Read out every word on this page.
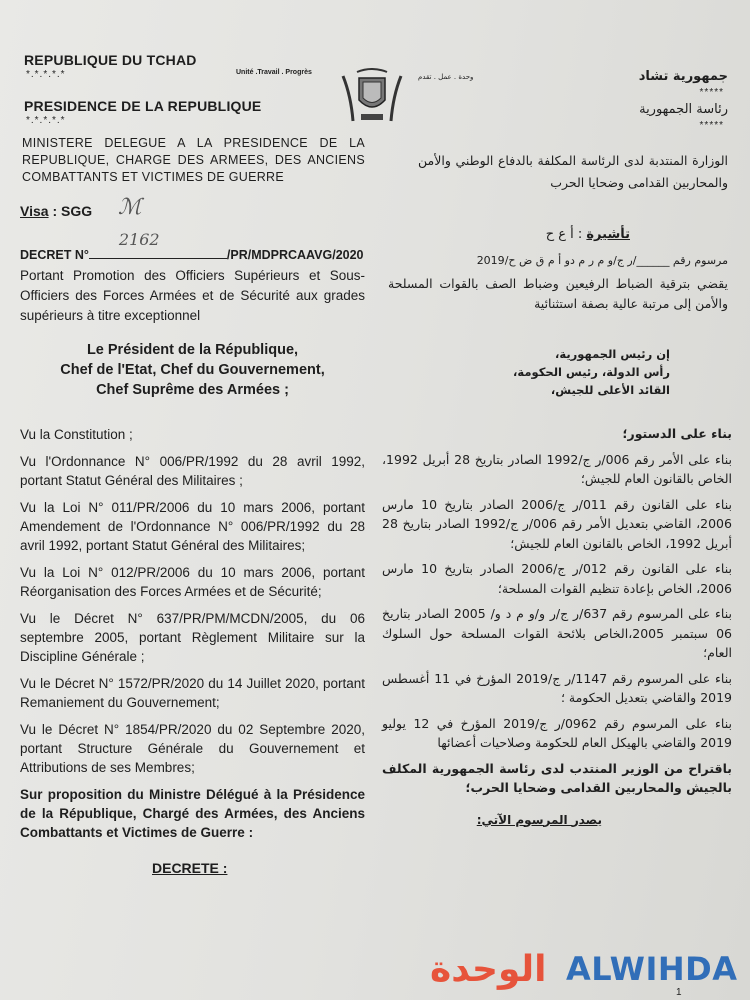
REPUBLIQUE DU TCHAD
*.*.*.*.*
PRESIDENCE DE LA REPUBLIQUE
*.*.*.*.*
MINISTERE DELEGUE A LA PRESIDENCE DE LA REPUBLIQUE, CHARGE DES ARMEES, DES ANCIENS COMBATTANTS ET VICTIMES DE GUERRE
Unité .Travail . Progrès
وحدة . عمل . تقدم	جمهورية تشاد
*****
رئاسة الجمهورية
*****
الوزارة المنتدبة لدى الرئاسة المكلفة بالدفاع الوطني والأمن والمحاربين القدامى وضحايا الحرب
Visa : SGG ℳ
تأشيرة : أ ع ح
DECRET N°
2162
/PR/MDPRCAAVG/2020
Portant Promotion des Officiers Supérieurs et Sous-Officiers des Forces Armées et de Sécurité aux grades supérieurs à titre exceptionnel
مرسوم رقم ______/ر ج/و م ر م دو أ م ق ض ح/2019
يقضي بترقية الضباط الرفيعين وضباط الصف بالقوات المسلحة والأمن إلى مرتبة عالية بصفة استثنائية
Le Président de la République,
Chef de l'Etat, Chef du Gouvernement,
Chef Suprême des Armées ;
إن رئيس الجمهورية،
رأس الدولة، رئيس الحكومة،
القائد الأعلى للجيش،
Vu la Constitution ;
Vu l'Ordonnance N° 006/PR/1992 du 28 avril 1992, portant Statut Général des Militaires ;
Vu la Loi N° 011/PR/2006 du 10 mars 2006, portant Amendement de l'Ordonnance N° 006/PR/1992 du 28 avril 1992, portant Statut Général des Militaires;
Vu la Loi N° 012/PR/2006 du 10 mars 2006, portant Réorganisation des Forces Armées et de Sécurité;
Vu le Décret N° 637/PR/PM/MCDN/2005, du 06 septembre 2005, portant Règlement Militaire sur la Discipline Générale ;
Vu le Décret N° 1572/PR/2020 du 14 Juillet 2020, portant Remaniement du Gouvernement;
Vu le Décret N° 1854/PR/2020 du 02 Septembre 2020, portant Structure Générale du Gouvernement et Attributions de ses Membres;
Sur proposition du Ministre Délégué à la Présidence de la République, Chargé des Armées, des Anciens Combattants et Victimes de Guerre :
DECRETE :
بناء على الدستور؛
بناء على الأمر رقم 006/ر ج/1992 الصادر بتاريخ 28 أبريل 1992، الخاص بالقانون العام للجيش؛
بناء على القانون رقم 011/ر ج/2006 الصادر بتاريخ 10 مارس 2006، القاضي بتعديل الأمر رقم 006/ر ج/1992 الصادر بتاريخ 28 أبريل 1992، الخاص بالقانون العام للجيش؛
بناء على القانون رقم 012/ر ج/2006 الصادر بتاريخ 10 مارس 2006، الخاص بإعادة تنظيم القوات المسلحة؛
بناء على المرسوم رقم 637/ر ج/ر و/و م د و/ 2005 الصادر بتاريخ 06 سبتمبر 2005،الخاص بلائحة القوات المسلحة حول السلوك العام؛
بناء على المرسوم رقم 1147/ر ج/2019 المؤرخ في 11 أغسطس 2019 والقاضي بتعديل الحكومة ؛
بناء على المرسوم رقم 0962/ر ج/2019 المؤرخ في 12 يوليو 2019 والقاضي بالهيكل العام للحكومة وصلاحيات أعضائها
باقتراح من الوزير المنتدب لدى رئاسة الجمهورية المكلف بالجيش والمحاربين القدامى وضحايا الحرب؛
يصدر المرسوم الآتي:
الوحدة ALWIHDA
1
